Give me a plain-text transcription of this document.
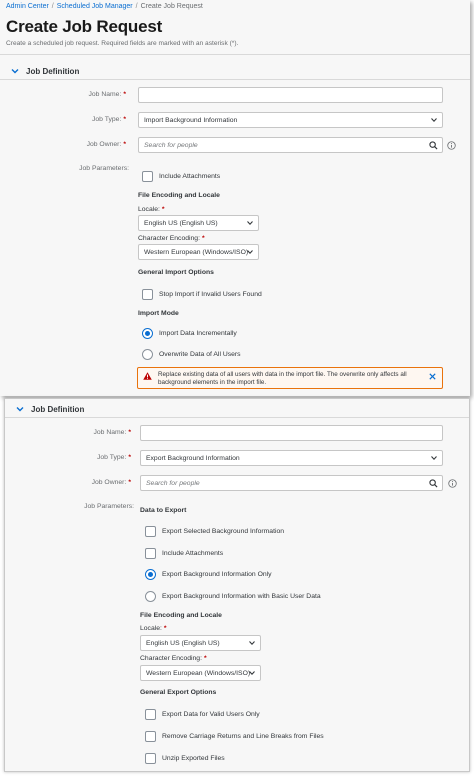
Admin Center / Scheduled Job Manager / Create Job Request
Create Job Request
Create a scheduled job request. Required fields are marked with an asterisk (*).
Job Definition
Job Name: *
Job Type: *	Import Background Information
Job Owner: *	Search for people
Job Parameters:
Include Attachments
File Encoding and Locale
Locale: *
English US (English US)
Character Encoding: *
Western European (Windows/ISO)
General Import Options
Stop Import if Invalid Users Found
Import Mode
Import Data Incrementally
Overwrite Data of All Users
Replace existing data of all users with data in the import file. The overwrite only affects all background elements in the import file.
Job Definition
Job Name: *
Job Type: * Export Background Information
Job Owner: * Search for people
Job Parameters:
Data to Export
Export Selected Background Information
Include Attachments
Export Background Information Only
Export Background Information with Basic User Data
File Encoding and Locale
Locale: *
English US (English US)
Character Encoding: *
Western European (Windows/ISO)
General Export Options
Export Data for Valid Users Only
Remove Carriage Returns and Line Breaks from Files
Unzip Exported Files
